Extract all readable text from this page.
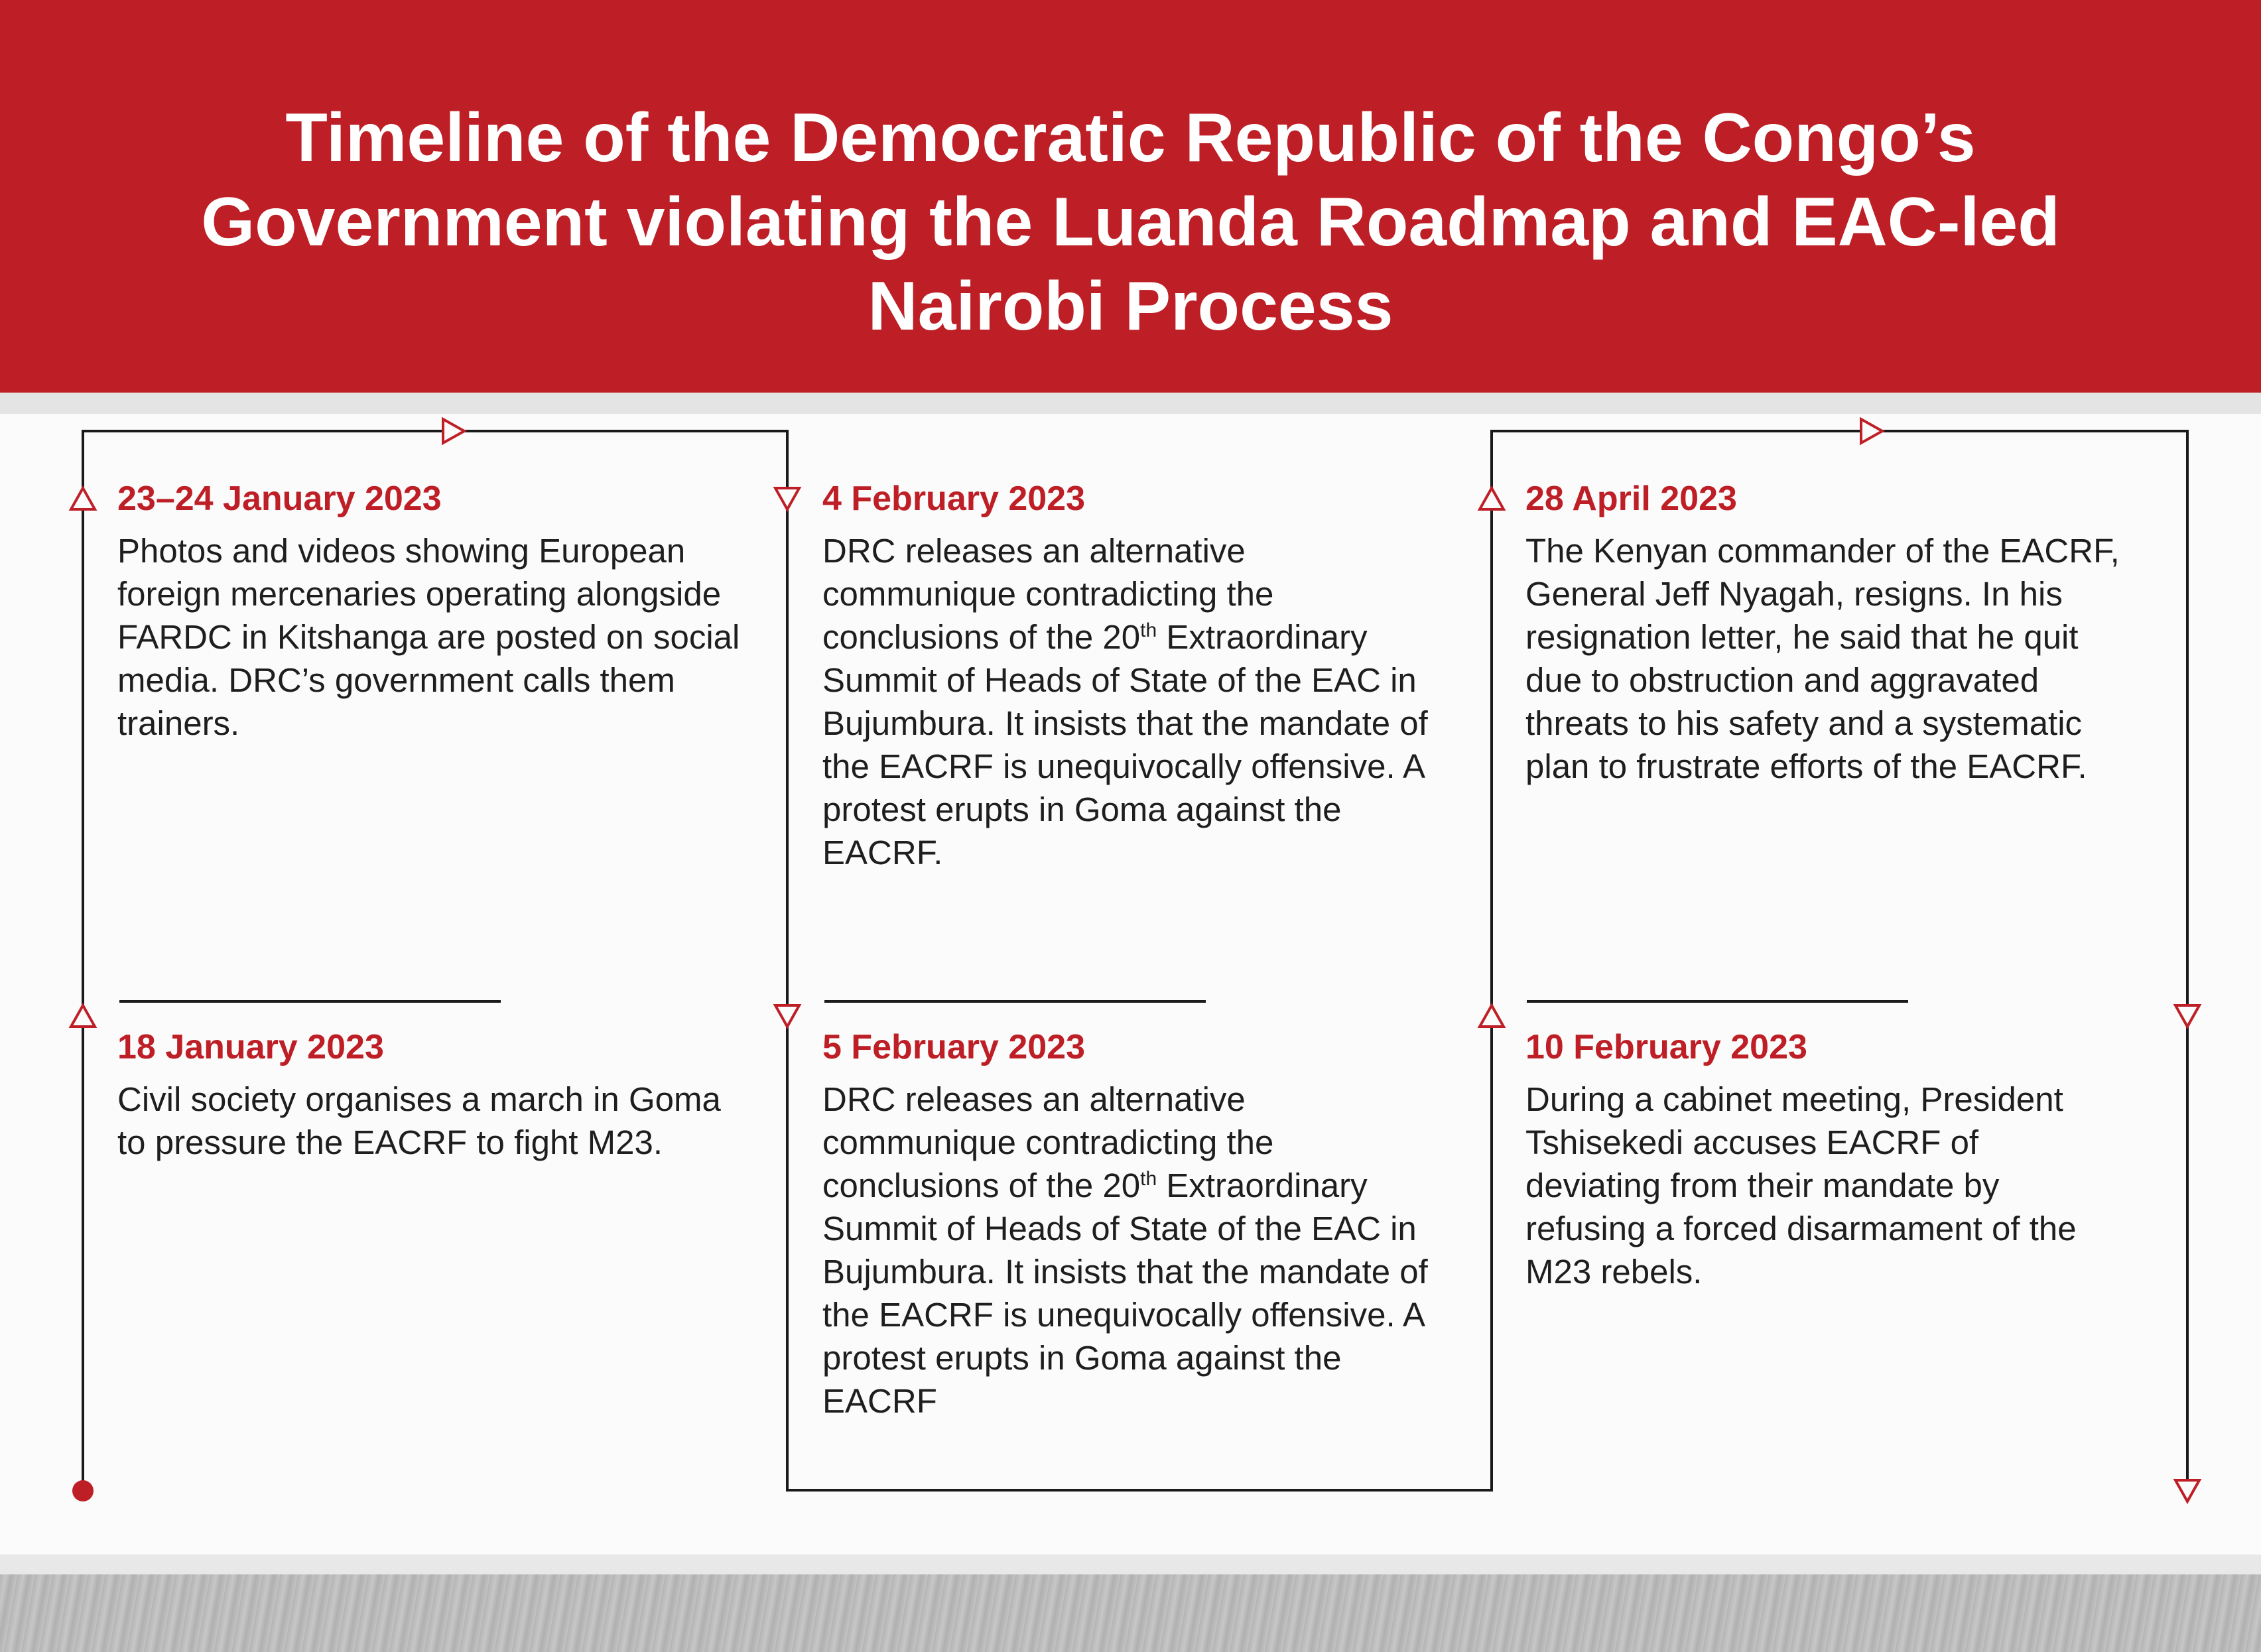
Timeline of the Democratic Republic of the Congo’s
Government violating the Luanda Roadmap and EAC-led
Nairobi Process

23–24 January 2023

Photos and videos showing European foreign mercenaries operating alongside FARDC in Kitshanga are posted on social media. DRC’s government calls them trainers.

18 January 2023

Civil society organises a march in Goma to pressure the EACRF to fight M23.

4 February 2023

DRC releases an alternative communique contradicting the conclusions of the 20th Extraordinary Summit of Heads of State of the EAC in Bujumbura. It insists that the mandate of the EACRF is unequivocally offensive. A protest erupts in Goma against the EACRF.

5 February 2023

DRC releases an alternative communique contradicting the conclusions of the 20th Extraordinary Summit of Heads of State of the EAC in Bujumbura. It insists that the mandate of the EACRF is unequivocally offensive. A protest erupts in Goma against the EACRF

28 April 2023

The Kenyan commander of the EACRF, General Jeff Nyagah, resigns. In his resignation letter, he said that he quit due to obstruction and aggravated threats to his safety and a systematic plan to frustrate efforts of the EACRF.

10 February 2023

During a cabinet meeting, President Tshisekedi accuses EACRF of deviating from their mandate by refusing a forced disarmament of the M23 rebels.
